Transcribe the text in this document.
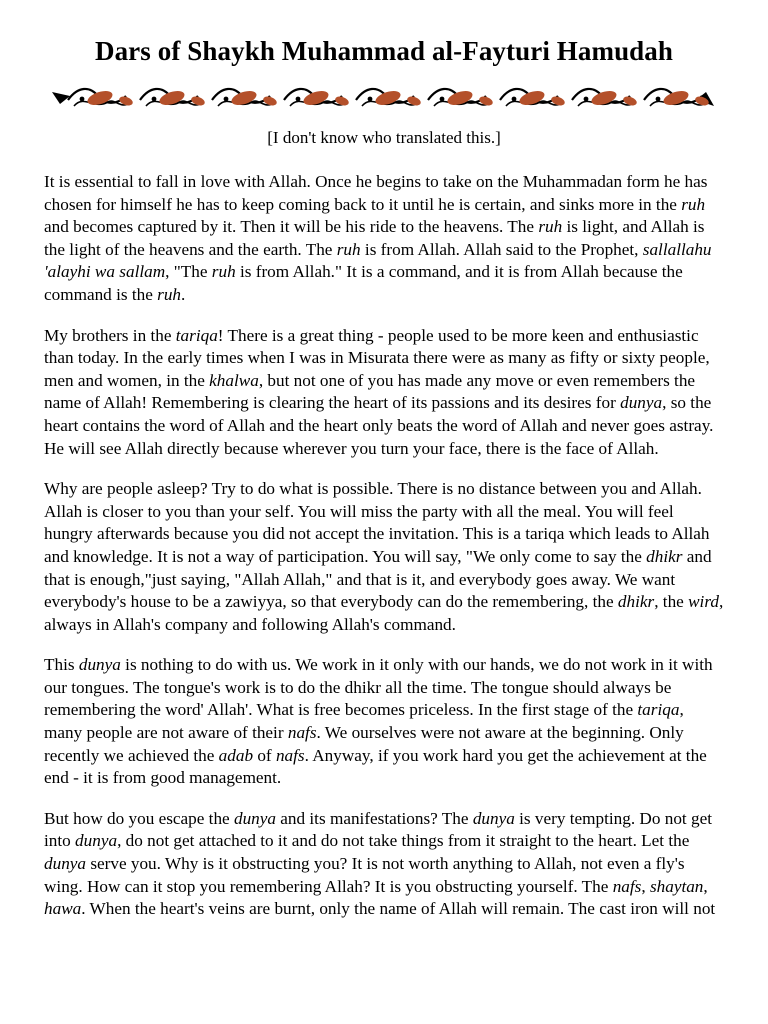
Dars of Shaykh Muhammad al-Fayturi Hamudah
[I don't know who translated this.]

It is essential to fall in love with Allah. Once he begins to take on the Muhammadan form he has chosen for himself he has to keep coming back to it until he is certain, and sinks more in the ruh and becomes captured by it. Then it will be his ride to the heavens. The ruh is light, and Allah is the light of the heavens and the earth. The ruh is from Allah. Allah said to the Prophet, sallallahu 'alayhi wa sallam, "The ruh is from Allah." It is a command, and it is from Allah because the command is the ruh.

My brothers in the tariqa! There is a great thing - people used to be more keen and enthusiastic than today. In the early times when I was in Misurata there were as many as fifty or sixty people, men and women, in the khalwa, but not one of you has made any move or even remembers the name of Allah! Remembering is clearing the heart of its passions and its desires for dunya, so the heart contains the word of Allah and the heart only beats the word of Allah and never goes astray. He will see Allah directly because wherever you turn your face, there is the face of Allah.

Why are people asleep? Try to do what is possible. There is no distance between you and Allah. Allah is closer to you than your self. You will miss the party with all the meal. You will feel hungry afterwards because you did not accept the invitation. This is a tariqa which leads to Allah and knowledge. It is not a way of participation. You will say, "We only come to say the dhikr and that is enough,"just saying, "Allah Allah," and that is it, and everybody goes away. We want everybody's house to be a zawiyya, so that everybody can do the remembering, the dhikr, the wird, always in Allah's company and following Allah's command.

This dunya is nothing to do with us. We work in it only with our hands, we do not work in it with our tongues. The tongue's work is to do the dhikr all the time. The tongue should always be remembering the word' Allah'. What is free becomes priceless. In the first stage of the tariqa, many people are not aware of their nafs. We ourselves were not aware at the beginning. Only recently we achieved the adab of nafs. Anyway, if you work hard you get the achievement at the end - it is from good management.

But how do you escape the dunya and its manifestations? The dunya is very tempting. Do not get into dunya, do not get attached to it and do not take things from it straight to the heart. Let the dunya serve you. Why is it obstructing you? It is not worth anything to Allah, not even a fly's wing. How can it stop you remembering Allah? It is you obstructing yourself. The nafs, shaytan, hawa. When the heart's veins are burnt, only the name of Allah will remain. The cast iron will not
